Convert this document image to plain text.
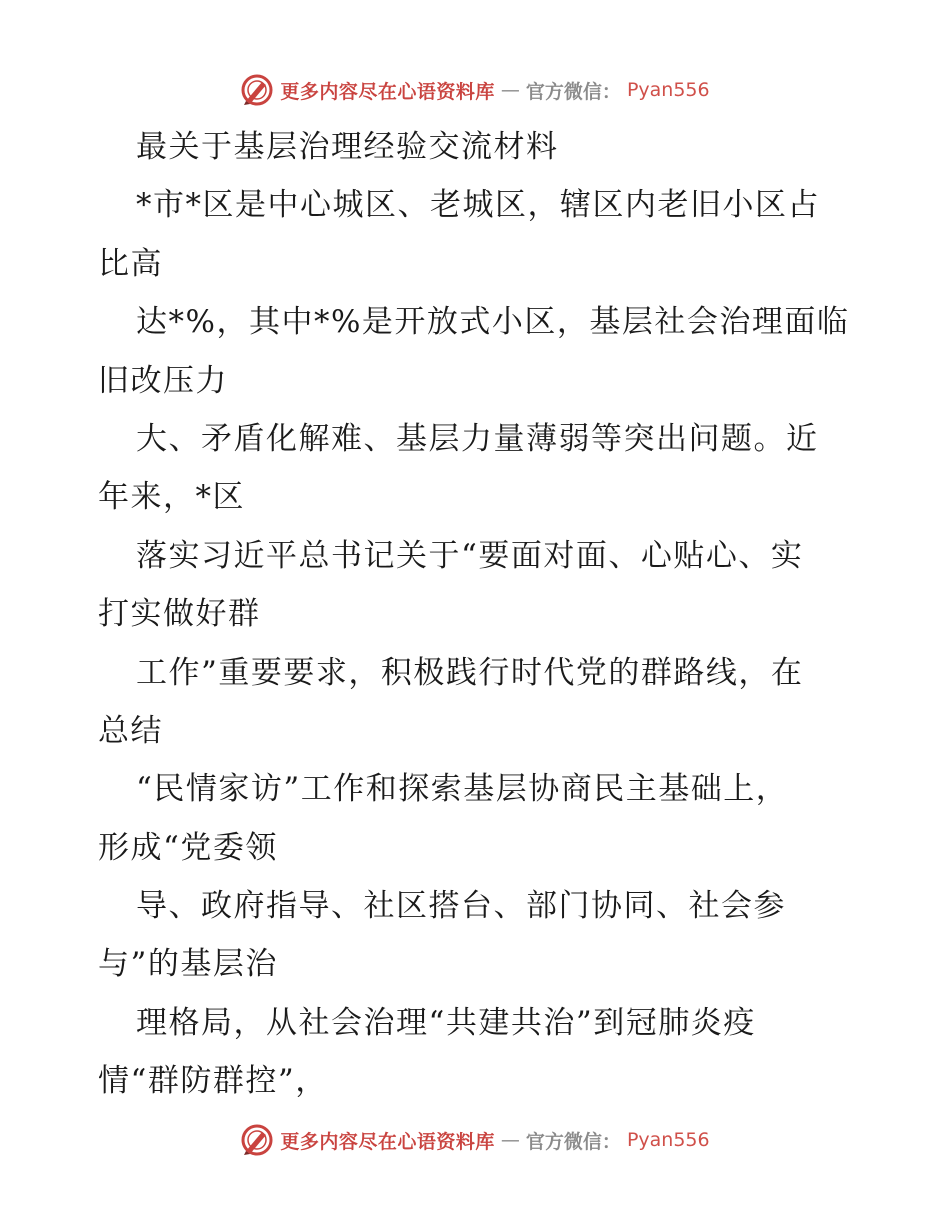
更多内容尽在心语资料库 — 官方微信： Pyan556
最关于基层治理经验交流材料
*市*区是中心城区、老城区，辖区内老旧小区占
比高
达*%，其中*%是开放式小区，基层社会治理面临
旧改压力
大、矛盾化解难、基层力量薄弱等突出问题。近
年来，*区
落实习近平总书记关于“要面对面、心贴心、实
打实做好群
工作”重要要求，积极践行时代党的群路线，在
总结
“民情家访”工作和探索基层协商民主基础上，
形成“党委领
导、政府指导、社区搭台、部门协同、社会参
与”的基层治
理格局，从社会治理“共建共治”到冠肺炎疫
情“群防群控”，
更多内容尽在心语资料库 — 官方微信： Pyan556
